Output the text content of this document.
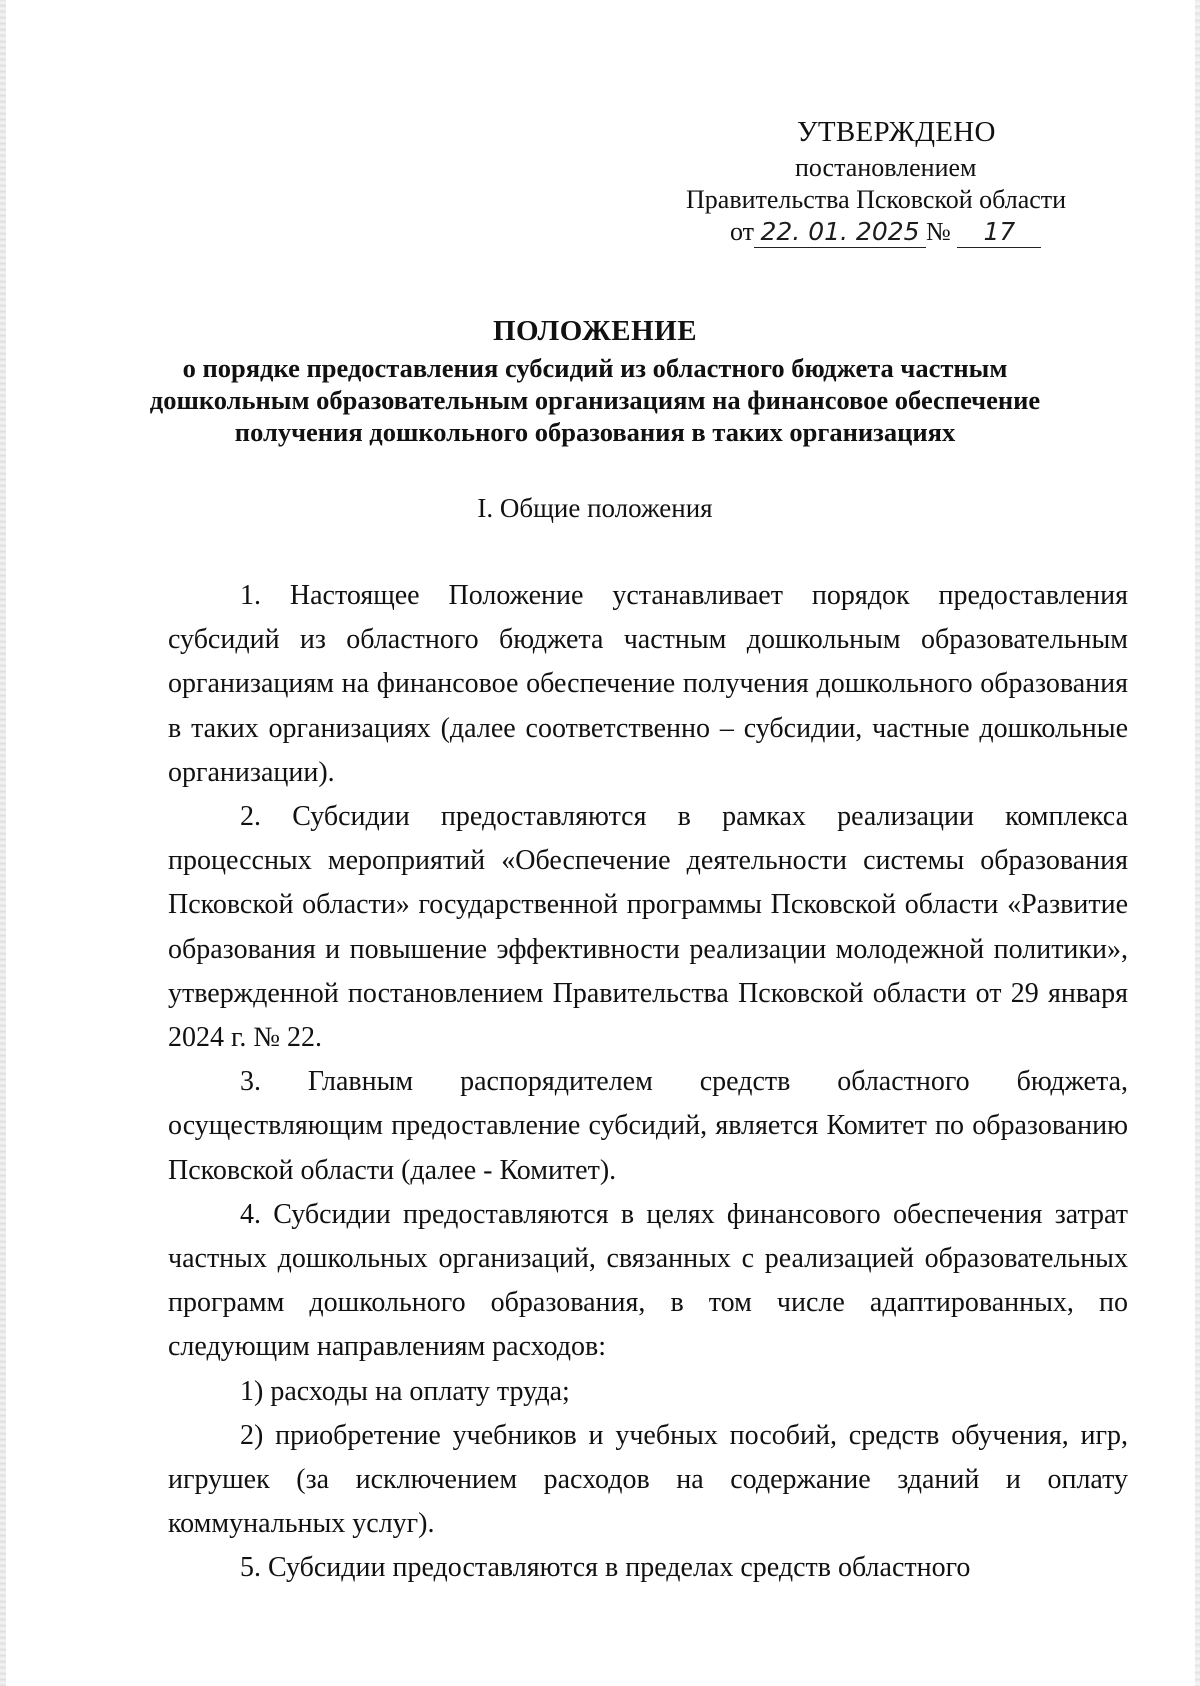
УТВЕРЖДЕНО
постановлением
Правительства Псковской области
от 22. 01. 2025 № 17
ПОЛОЖЕНИЕ
о порядке предоставления субсидий из областного бюджета частным дошкольным образовательным организациям на финансовое обеспечение получения дошкольного образования в таких организациях
I. Общие положения

1. Настоящее Положение устанавливает порядок предоставления субсидий из областного бюджета частным дошкольным образовательным организациям на финансовое обеспечение получения дошкольного образования в таких организациях (далее соответственно – субсидии, частные дошкольные организации).

2. Субсидии предоставляются в рамках реализации комплекса процессных мероприятий «Обеспечение деятельности системы образования Псковской области» государственной программы Псковской области «Развитие образования и повышение эффективности реализации молодежной политики», утвержденной постановлением Правительства Псковской области от 29 января 2024 г. № 22.

3. Главным распорядителем средств областного бюджета, осуществляющим предоставление субсидий, является Комитет по образованию Псковской области (далее - Комитет).

4. Субсидии предоставляются в целях финансового обеспечения затрат частных дошкольных организаций, связанных с реализацией образовательных программ дошкольного образования, в том числе адаптированных, по следующим направлениям расходов:

1) расходы на оплату труда;

2) приобретение учебников и учебных пособий, средств обучения, игр, игрушек (за исключением расходов на содержание зданий и оплату коммунальных услуг).

5. Субсидии предоставляются в пределах средств областного
